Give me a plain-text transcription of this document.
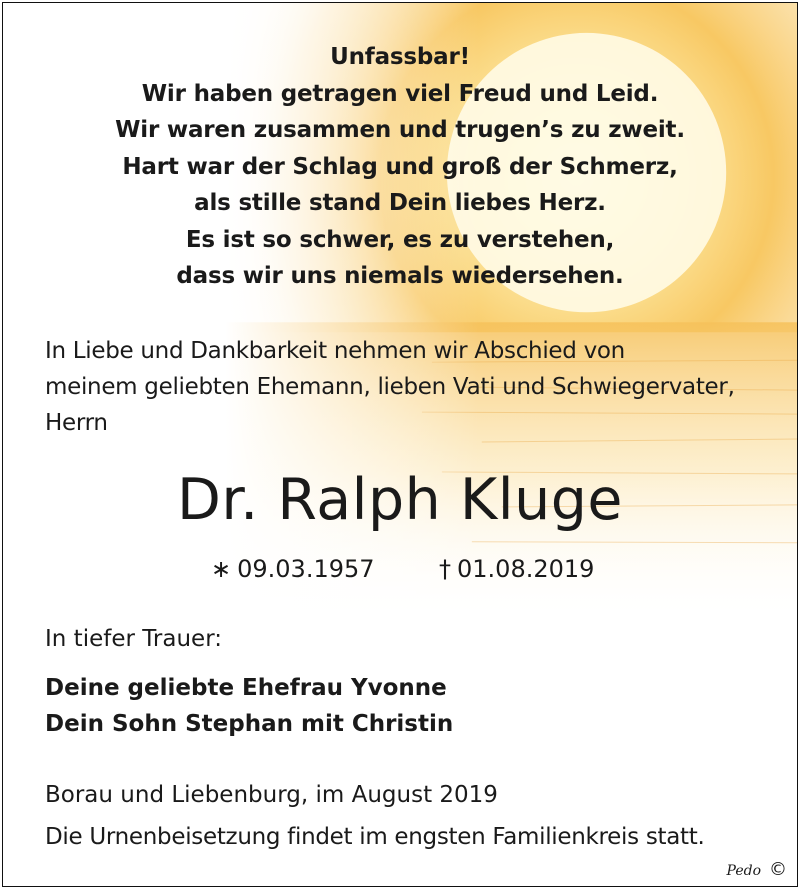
Unfassbar!
Wir haben getragen viel Freud und Leid.
Wir waren zusammen und trugen’s zu zweit.
Hart war der Schlag und groß der Schmerz,
als stille stand Dein liebes Herz.
Es ist so schwer, es zu verstehen,
dass wir uns niemals wiedersehen.
In Liebe und Dankbarkeit nehmen wir Abschied von
meinem geliebten Ehemann, lieben Vati und Schwiegervater,
Herrn
Dr. Ralph Kluge
∗ 09.03.1957	† 01.08.2019
In tiefer Trauer:
Deine geliebte Ehefrau Yvonne
Dein Sohn Stephan mit Christin
Borau und Liebenburg, im August 2019
Die Urnenbeisetzung findet im engsten Familienkreis statt.
Pedo ©
